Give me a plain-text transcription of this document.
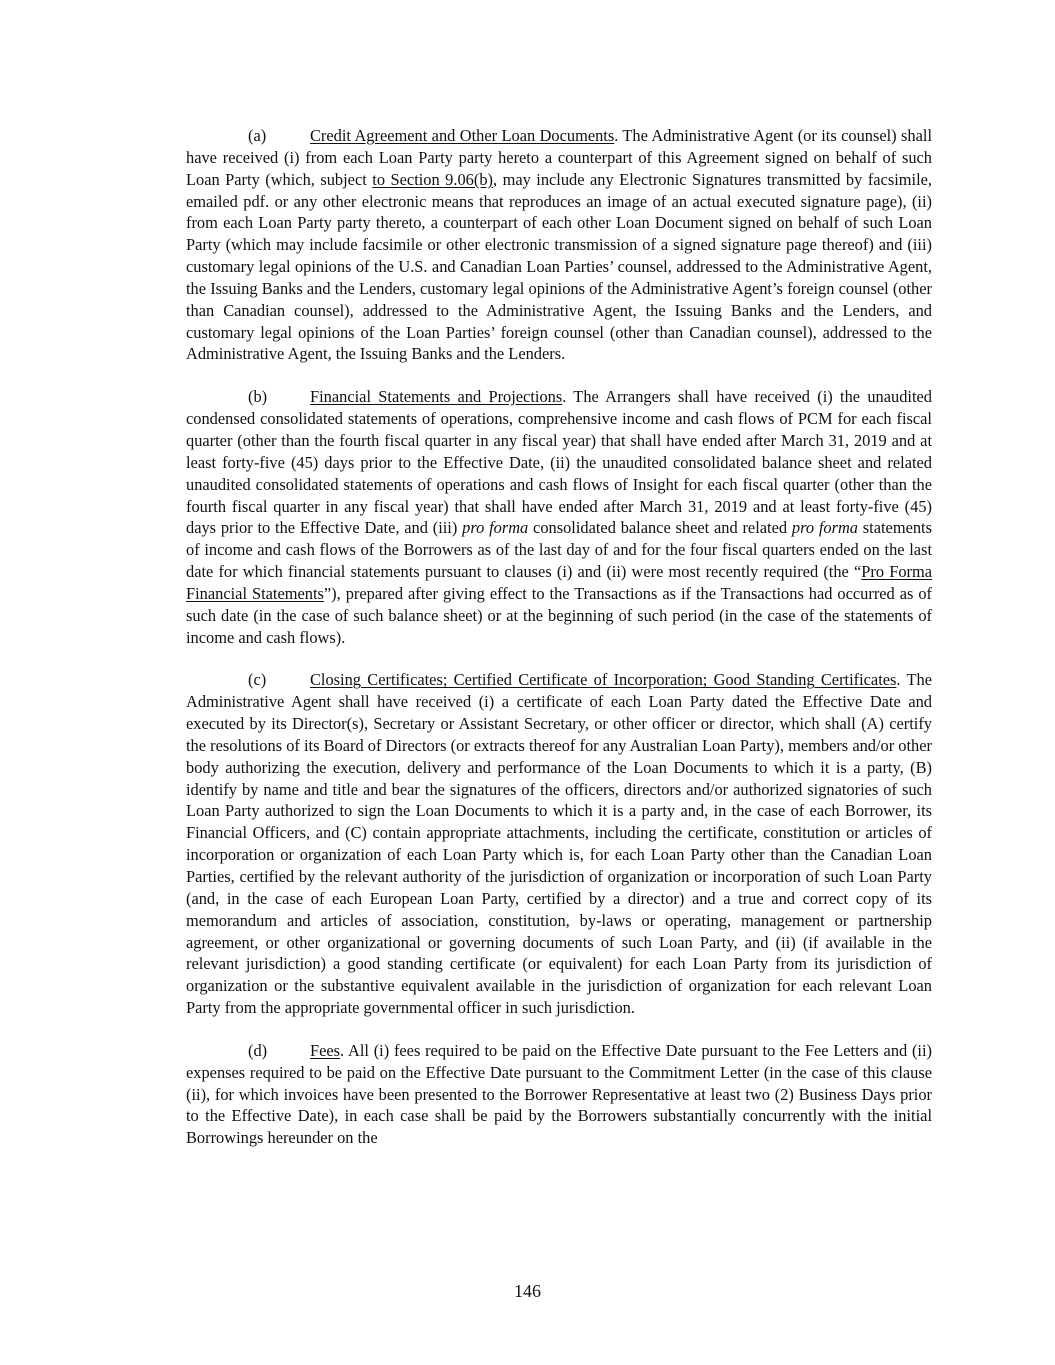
(a)	Credit Agreement and Other Loan Documents. The Administrative Agent (or its counsel) shall have received (i) from each Loan Party party hereto a counterpart of this Agreement signed on behalf of such Loan Party (which, subject to Section 9.06(b), may include any Electronic Signatures transmitted by facsimile, emailed pdf. or any other electronic means that reproduces an image of an actual executed signature page), (ii) from each Loan Party party thereto, a counterpart of each other Loan Document signed on behalf of such Loan Party (which may include facsimile or other electronic transmission of a signed signature page thereof) and (iii) customary legal opinions of the U.S. and Canadian Loan Parties’ counsel, addressed to the Administrative Agent, the Issuing Banks and the Lenders, customary legal opinions of the Administrative Agent’s foreign counsel (other than Canadian counsel), addressed to the Administrative Agent, the Issuing Banks and the Lenders, and customary legal opinions of the Loan Parties’ foreign counsel (other than Canadian counsel), addressed to the Administrative Agent, the Issuing Banks and the Lenders.

(b)	Financial Statements and Projections. The Arrangers shall have received (i) the unaudited condensed consolidated statements of operations, comprehensive income and cash flows of PCM for each fiscal quarter (other than the fourth fiscal quarter in any fiscal year) that shall have ended after March 31, 2019 and at least forty-five (45) days prior to the Effective Date, (ii) the unaudited consolidated balance sheet and related unaudited consolidated statements of operations and cash flows of Insight for each fiscal quarter (other than the fourth fiscal quarter in any fiscal year) that shall have ended after March 31, 2019 and at least forty-five (45) days prior to the Effective Date, and (iii) pro forma consolidated balance sheet and related pro forma statements of income and cash flows of the Borrowers as of the last day of and for the four fiscal quarters ended on the last date for which financial statements pursuant to clauses (i) and (ii) were most recently required (the “Pro Forma Financial Statements”), prepared after giving effect to the Transactions as if the Transactions had occurred as of such date (in the case of such balance sheet) or at the beginning of such period (in the case of the statements of income and cash flows).

(c)	Closing Certificates; Certified Certificate of Incorporation; Good Standing Certificates. The Administrative Agent shall have received (i) a certificate of each Loan Party dated the Effective Date and executed by its Director(s), Secretary or Assistant Secretary, or other officer or director, which shall (A) certify the resolutions of its Board of Directors (or extracts thereof for any Australian Loan Party), members and/or other body authorizing the execution, delivery and performance of the Loan Documents to which it is a party, (B) identify by name and title and bear the signatures of the officers, directors and/or authorized signatories of such Loan Party authorized to sign the Loan Documents to which it is a party and, in the case of each Borrower, its Financial Officers, and (C) contain appropriate attachments, including the certificate, constitution or articles of incorporation or organization of each Loan Party which is, for each Loan Party other than the Canadian Loan Parties, certified by the relevant authority of the jurisdiction of organization or incorporation of such Loan Party (and, in the case of each European Loan Party, certified by a director) and a true and correct copy of its memorandum and articles of association, constitution, by-laws or operating, management or partnership agreement, or other organizational or governing documents of such Loan Party, and (ii) (if available in the relevant jurisdiction) a good standing certificate (or equivalent) for each Loan Party from its jurisdiction of organization or the substantive equivalent available in the jurisdiction of organization for each relevant Loan Party from the appropriate governmental officer in such jurisdiction.

(d)	Fees. All (i) fees required to be paid on the Effective Date pursuant to the Fee Letters and (ii) expenses required to be paid on the Effective Date pursuant to the Commitment Letter (in the case of this clause (ii), for which invoices have been presented to the Borrower Representative at least two (2) Business Days prior to the Effective Date), in each case shall be paid by the Borrowers substantially concurrently with the initial Borrowings hereunder on the

146
